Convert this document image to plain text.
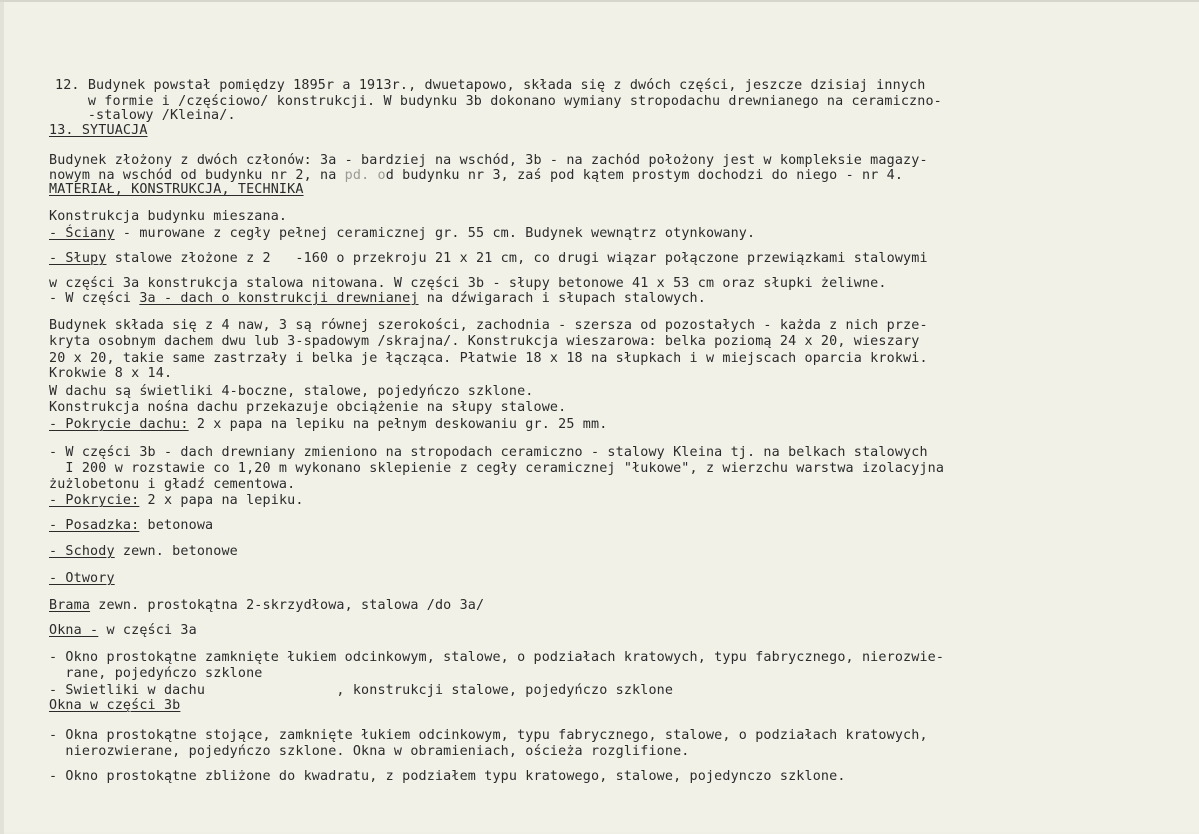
12. Budynek powstał pomiędzy 1895r a 1913r., dwuetapowo, składa się z dwóch części, jeszcze dzisiaj innych
w formie i /częściowo/ konstrukcji. W budynku 3b dokonano wymiany stropodachu drewnianego na ceramiczno-
-stalowy /Kleina/.
13. SYTUACJA
Budynek złożony z dwóch członów: 3a - bardziej na wschód, 3b - na zachód położony jest w kompleksie magazy-
nowym na wschód od budynku nr 2, na pd. od budynku nr 3, zaś pod kątem prostym dochodzi do niego - nr 4.
MATERIAŁ, KONSTRUKCJA, TECHNIKA
Konstrukcja budynku mieszana.
- Ściany - murowane z cegły pełnej ceramicznej gr. 55 cm. Budynek wewnątrz otynkowany.
- Słupy stalowe złożone z 2   -160 o przekroju 21 x 21 cm, co drugi wiązar połączone przewiązkami stalowymi
w części 3a konstrukcja stalowa nitowana. W części 3b - słupy betonowe 41 x 53 cm oraz słupki żeliwne.
- W części 3a - dach o konstrukcji drewnianej na dźwigarach i słupach stalowych.
Budynek składa się z 4 naw, 3 są równej szerokości, zachodnia - szersza od pozostałych - każda z nich prze-
kryta osobnym dachem dwu lub 3-spadowym /skrajna/. Konstrukcja wieszarowa: belka poziomą 24 x 20, wieszary
20 x 20, takie same zastrzały i belka je łącząca. Płatwie 18 x 18 na słupkach i w miejscach oparcia krokwi.
Krokwie 8 x 14.
W dachu są świetliki 4-boczne, stalowe, pojedyńczo szklone.
Konstrukcja nośna dachu przekazuje obciążenie na słupy stalowe.
- Pokrycie dachu: 2 x papa na lepiku na pełnym deskowaniu gr. 25 mm.
- W części 3b - dach drewniany zmieniono na stropodach ceramiczno - stalowy Kleina tj. na belkach stalowych
I 200 w rozstawie co 1,20 m wykonano sklepienie z cegły ceramicznej "łukowe", z wierzchu warstwa izolacyjna
żużlobetonu i gładź cementowa.
- Pokrycie: 2 x papa na lepiku.
- Posadzka: betonowa
- Schody zewn. betonowe
- Otwory
Brama zewn. prostokątna 2-skrzydłowa, stalowa /do 3a/
Okna - w części 3a
- Okno prostokątne zamknięte łukiem odcinkowym, stalowe, o podziałach kratowych, typu fabrycznego, nierozwie-
rane, pojedyńczo szklone
- Swietliki w dachu                , konstrukcji stalowe, pojedyńczo szklone
Okna w części 3b
- Okna prostokątne stojące, zamknięte łukiem odcinkowym, typu fabrycznego, stalowe, o podziałach kratowych,
nierozwierane, pojedyńczo szklone. Okna w obramieniach, ościeża rozglifione.
- Okno prostokątne zbliżone do kwadratu, z podziałem typu kratowego, stalowe, pojedynczo szklone.
